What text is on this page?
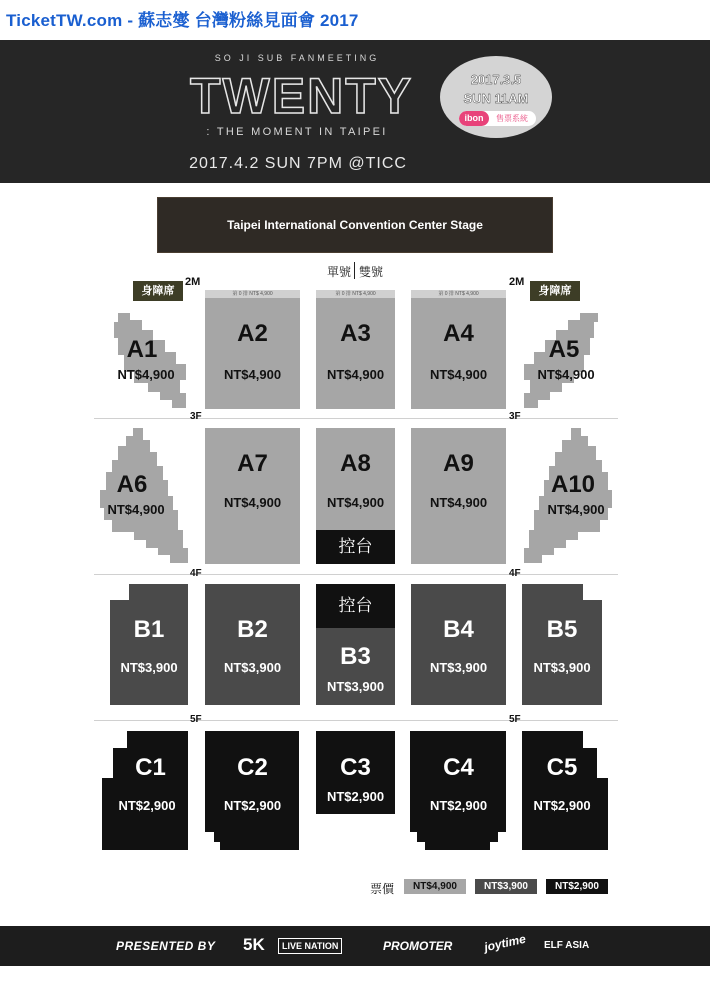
TicketTW.com - 蘇志燮 台灣粉絲見面會 2017
SO JI SUB FANMEETING
TWENTY
: THE MOMENT IN TAIPEI
2017.4.2 SUN 7PM @TICC
2017.3.5
SUN 11AM
ibon	售票系統
Taipei International Convention Center Stage
單號 雙號
2M	2M
身障席	身障席
第 0 排 NT$ 4,900	第 0 排 NT$ 4,900	第 0 排 NT$ 4,900
控台
控台
3F	3F
4F	4F
5F	5F
A1
NT$4,900
A2
NT$4,900
A3
NT$4,900
A4
NT$4,900
A5
NT$4,900
A6
NT$4,900
A7
NT$4,900
A8
NT$4,900
A9
NT$4,900
A10
NT$4,900
B1
NT$3,900
B2
NT$3,900	B3
NT$3,900
B4
NT$3,900
B5
NT$3,900
C1
NT$2,900
C2
NT$2,900
C3
NT$2,900
C4
NT$2,900
C5
NT$2,900
票價	NT$4,900	NT$3,900	NT$2,900
PRESENTED BY 5K	LIVE NATION	PROMOTER	joytime ELF ASIA
